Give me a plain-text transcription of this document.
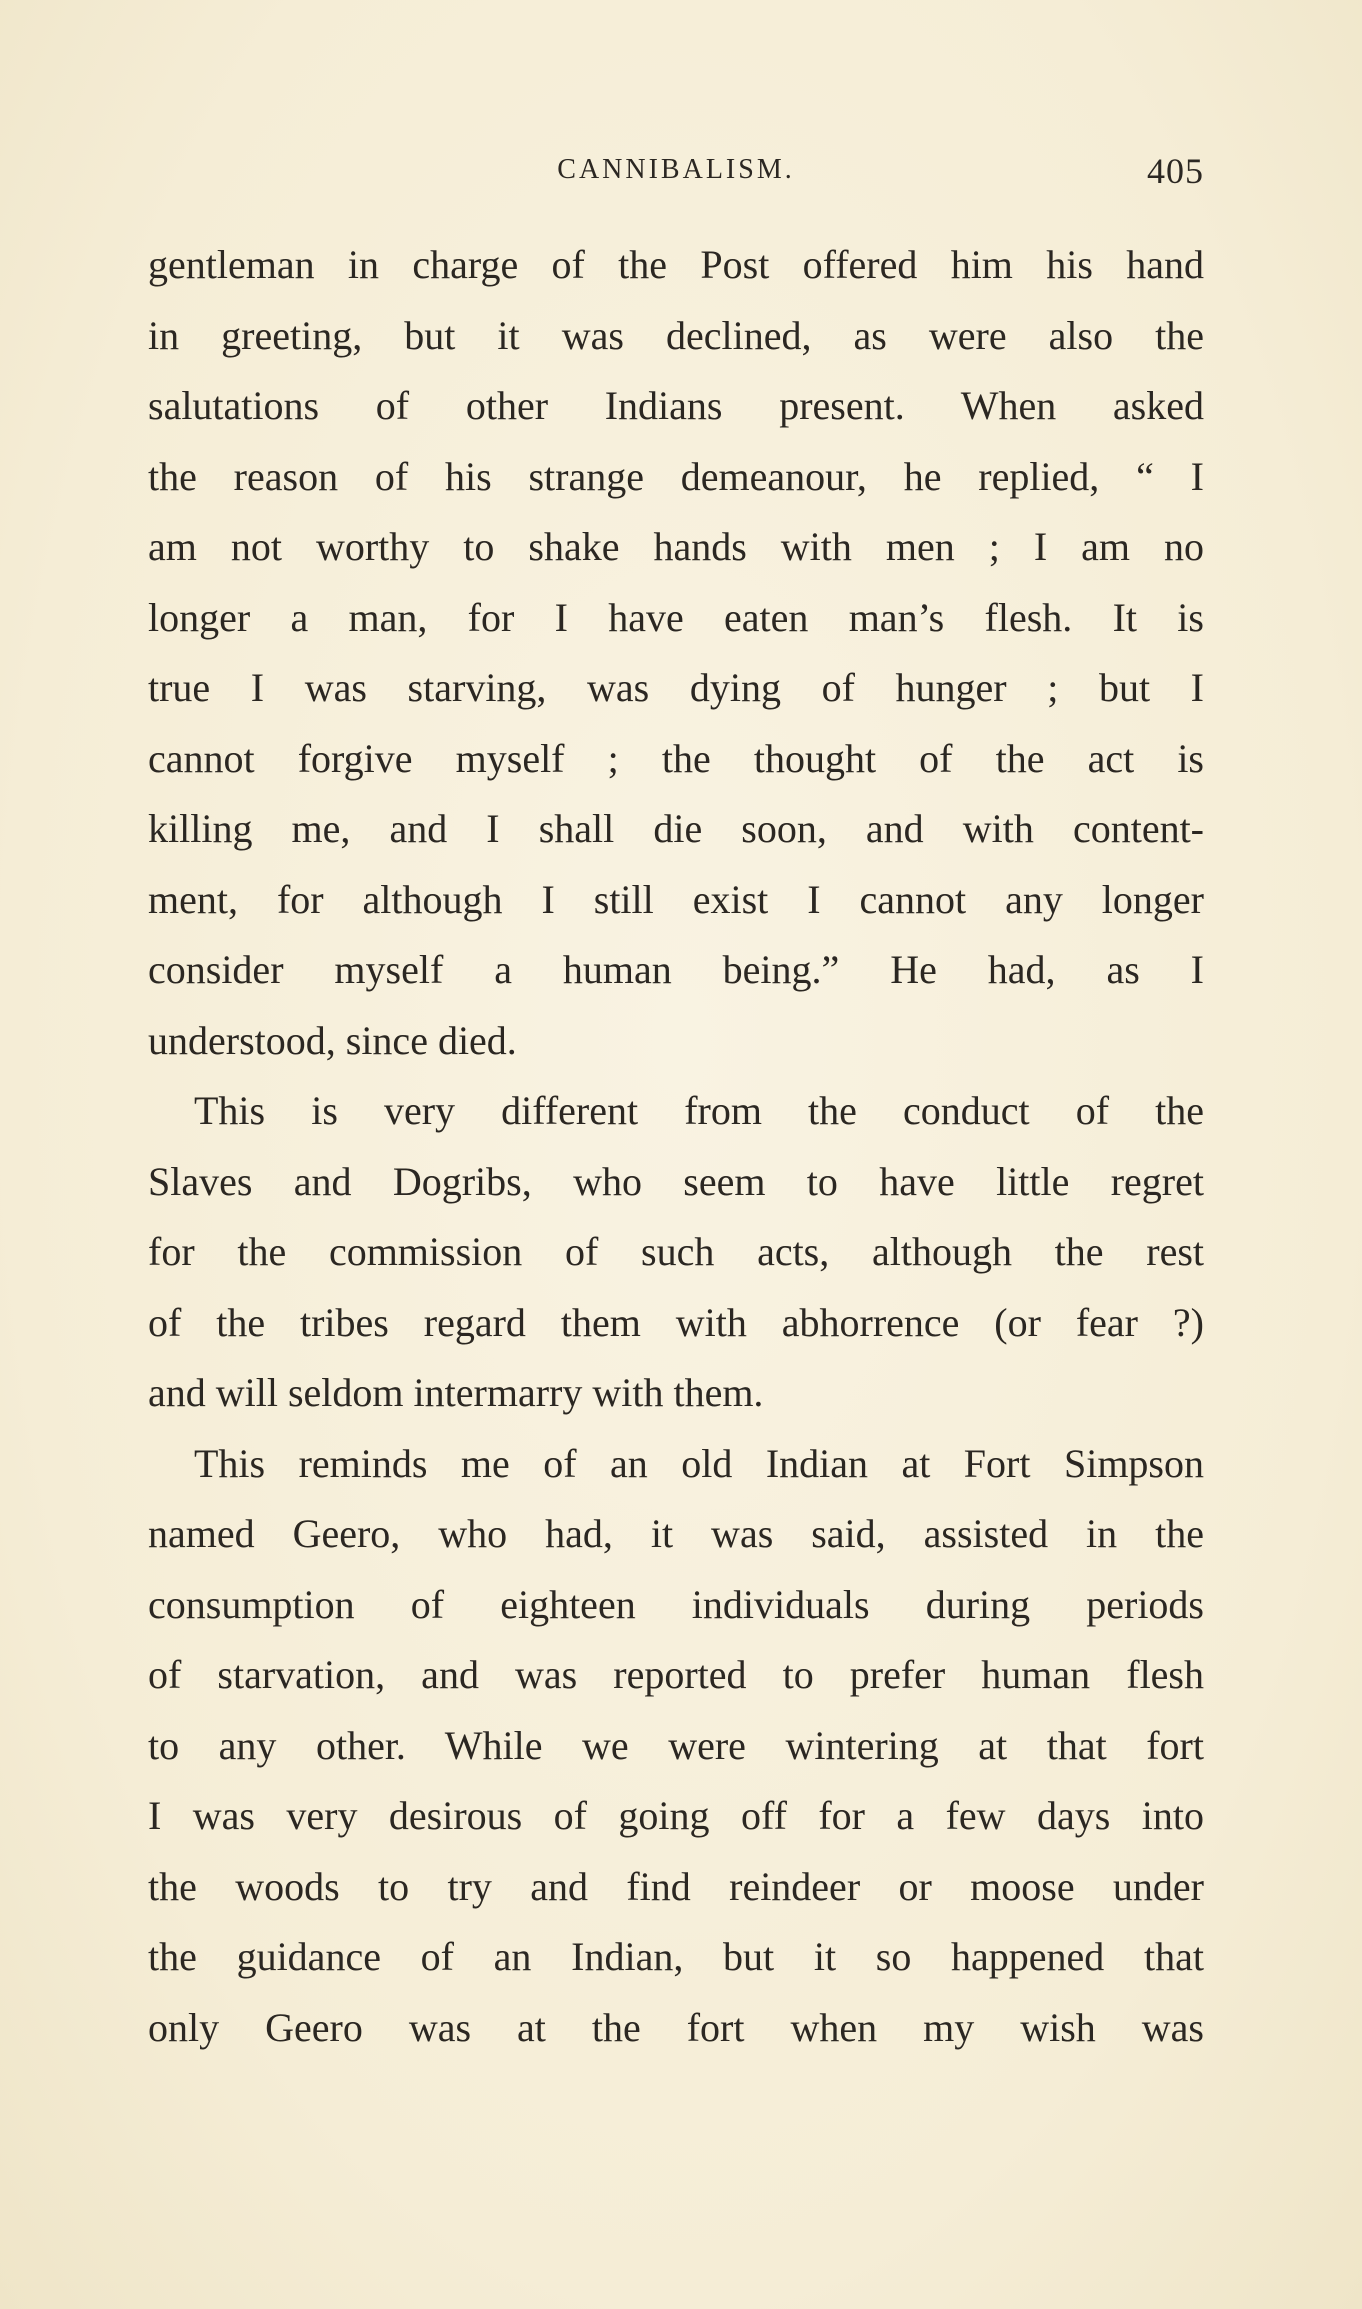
CANNIBALISM.	405
gentleman in charge of the Post offered him his hand
in greeting, but it was declined, as were also the
salutations of other Indians present. When asked
the reason of his strange demeanour, he replied, “ I
am not worthy to shake hands with men ; I am no
longer a man, for I have eaten man’s flesh. It is
true I was starving, was dying of hunger ; but I
cannot forgive myself ; the thought of the act is
killing me, and I shall die soon, and with content-
ment, for although I still exist I cannot any longer
consider myself a human being.” He had, as I
understood, since died.
This is very different from the conduct of the
Slaves and Dogribs, who seem to have little regret
for the commission of such acts, although the rest
of the tribes regard them with abhorrence (or fear ?)
and will seldom intermarry with them.
This reminds me of an old Indian at Fort Simpson
named Geero, who had, it was said, assisted in the
consumption of eighteen individuals during periods
of starvation, and was reported to prefer human flesh
to any other. While we were wintering at that fort
I was very desirous of going off for a few days into
the woods to try and find reindeer or moose under
the guidance of an Indian, but it so happened that
only Geero was at the fort when my wish was
